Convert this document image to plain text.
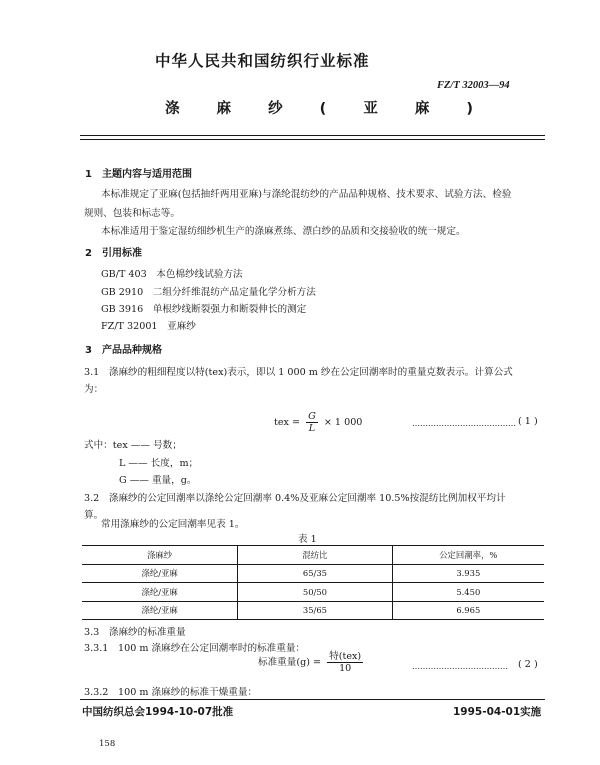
中华人民共和国纺织行业标准
FZ/T 32003—94
涤 麻 纱 ( 亚 麻 )
1　主题内容与适用范围
本标准规定了亚麻(包括抽纤两用亚麻)与涤纶混纺纱的产品品种规格、技术要求、试验方法、检验
规则、包装和标志等。
本标准适用于鉴定湿纺细纱机生产的涤麻煮练、漂白纱的品质和交接验收的统一规定。
2　引用标准
GB/T 403　本色棉纱线试验方法
GB 2910　二组分纤维混纺产品定量化学分析方法
GB 3916　单根纱线断裂强力和断裂伸长的测定
FZ/T 32001　亚麻纱
3　产品品种规格
3.1　涤麻纱的粗细程度以特(tex)表示，即以 1 000 m 纱在公定回潮率时的重量克数表示。计算公式
为：
tex = $\frac{G}{L} \times 1$ 000	………………………………… ( 1 )
式中：tex —— 号数；
L —— 长度，m；
G —— 重量，g。
3.2　涤麻纱的公定回潮率以涤纶公定回潮率 0.4%及亚麻公定回潮率 10.5%按混纺比例加权平均计
算。
常用涤麻纱的公定回潮率见表 1。
表 1
涤麻纱	混纺比	公定回潮率，%
涤纶/亚麻	65/35	3.935
涤纶/亚麻	50/50	5.450
涤纶/亚麻	35/65	6.965
3.3　涤麻纱的标准重量
3.3.1　100 m 涤麻纱在公定回潮率时的标准重量：
标准重量$(g) = \frac{\text{特(tex)}}{10}$	……………………………… ( 2 )
3.3.2　100 m 涤麻纱的标准干燥重量：
中国纺织总会1994-10-07批准	1995-04-01实施
158
